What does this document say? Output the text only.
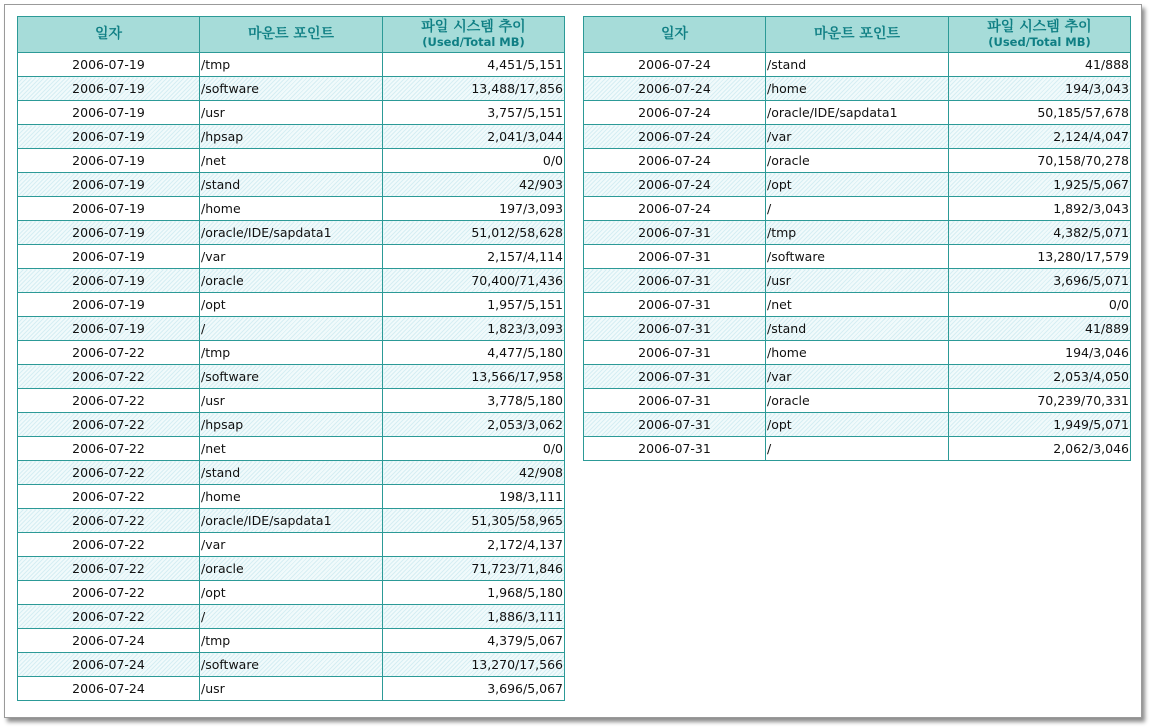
일자	마운트 포인트	파일 시스템 추이
(Used/Total MB)

2006-07-19	/tmp	4,451/5,151
2006-07-19	/software	13,488/17,856
2006-07-19	/usr	3,757/5,151
2006-07-19	/hpsap	2,041/3,044
2006-07-19	/net	0/0
2006-07-19	/stand	42/903
2006-07-19	/home	197/3,093
2006-07-19	/oracle/IDE/sapdata1	51,012/58,628
2006-07-19	/var	2,157/4,114
2006-07-19	/oracle	70,400/71,436
2006-07-19	/opt	1,957/5,151
2006-07-19	/	1,823/3,093
2006-07-22	/tmp	4,477/5,180
2006-07-22	/software	13,566/17,958
2006-07-22	/usr	3,778/5,180
2006-07-22	/hpsap	2,053/3,062
2006-07-22	/net	0/0
2006-07-22	/stand	42/908
2006-07-22	/home	198/3,111
2006-07-22	/oracle/IDE/sapdata1	51,305/58,965
2006-07-22	/var	2,172/4,137
2006-07-22	/oracle	71,723/71,846
2006-07-22	/opt	1,968/5,180
2006-07-22	/	1,886/3,111
2006-07-24	/tmp	4,379/5,067
2006-07-24	/software	13,270/17,566
2006-07-24	/usr	3,696/5,067
일자	마운트 포인트	파일 시스템 추이
(Used/Total MB)

2006-07-24	/stand	41/888
2006-07-24	/home	194/3,043
2006-07-24	/oracle/IDE/sapdata1	50,185/57,678
2006-07-24	/var	2,124/4,047
2006-07-24	/oracle	70,158/70,278
2006-07-24	/opt	1,925/5,067
2006-07-24	/	1,892/3,043
2006-07-31	/tmp	4,382/5,071
2006-07-31	/software	13,280/17,579
2006-07-31	/usr	3,696/5,071
2006-07-31	/net	0/0
2006-07-31	/stand	41/889
2006-07-31	/home	194/3,046
2006-07-31	/var	2,053/4,050
2006-07-31	/oracle	70,239/70,331
2006-07-31	/opt	1,949/5,071
2006-07-31	/	2,062/3,046
